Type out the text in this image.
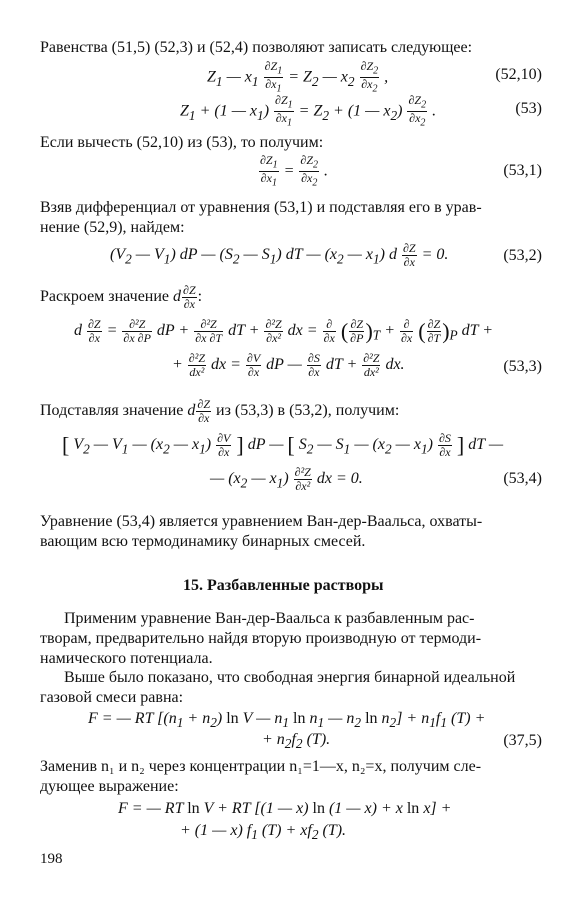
Равенства (51,5) (52,3) и (52,4) позволяют записать следующее:
$Z_1$ — $x_1 \frac{\partial Z_1}{\partial x_1} = Z_2$ — $x_2 \frac{\partial Z_2}{\partial x_2}$ ,	(52,10)
$Z_1 + (1$ — $x_1) \frac{\partial Z_1}{\partial x_1} = Z_2 + (1$ — $x_2) \frac{\partial Z_2}{\partial x_2}$ .	(53)
Если вычесть (52,10) из (53), то получим:
$\frac{\partial Z_1}{\partial x_1} = \frac{\partial Z_2}{\partial x_2}$ .	(53,1)
Взяв дифференциал от уравнения (53,1) и подставляя его в урав-
нение (52,9), найдем:
($V_2$ — $V_1$) dP — ($S_2$ — $S_1$) dT — ($x_2$ — $x_1$) d $\frac{\partial Z}{\partial x} = 0$.	(53,2)
Раскроем значение d $\frac{\partial Z}{\partial x}$ :
d $\frac{\partial Z}{\partial x} = \frac{\text{∂²Z}}{\partial x \partial P}$ dP + $\frac{\text{∂²Z}}{\partial x \partial T}$ dT + $\frac{\text{∂²Z}}{\text{∂x²}}$ dx = $\frac{\partial}{\partial x}$ ( $\frac{\partial Z}{\partial P} )_T + \frac{\partial}{\partial x}$ ( $\frac{\partial Z}{\partial T} )_P$ dT +
+ $\frac{\text{∂²Z}}{\text{dx²}}$ dx = $\frac{\partial V}{\partial x}$ dP — $\frac{\partial S}{\partial x}$ dT + $\frac{\text{∂²Z}}{\text{dx²}}$ dx.	(53,3)
Подставляя значение d $\frac{\partial Z}{\partial x}$ из (53,3) в (53,2), получим:
[ $V_2$ — $V_1$ — ($x_2$ — $x_1) \frac{\partial V}{\partial x}$ ] dP — [ $S_2$ — $S_1$ — ($x_2$ — $x_1) \frac{\partial S}{\partial x}$ ] dT —
— ($x_2$ — $x_1) \frac{\text{∂²Z}}{\text{∂x²}}$ dx = 0.	(53,4)
Уравнение (53,4) является уравнением Ван-дер-Ваальса, охваты-
вающим всю термодинамику бинарных смесей.
15. Разбавленные растворы
Применим уравнение Ван-дер-Ваальса к разбавленным рас-
творам, предварительно найдя вторую производную от термоди-
намического потенциала.
Выше было показано, что свободная энергия бинарной идеальной
газовой смеси равна:
F = — RT [$(n_1 + n_2)$ ln V — $n_1$ $\ln n_1$ — $n_2$ $\ln n_2] + n_1f_1$ (T) +
+ $n_2f_2$ (T).	(37,5)
Заменив n₁ и n₂ через концентрации n₁=1—x, n₂=x, получим сле-
дующее выражение:
F = — RT ln V + RT [(1 — x) ln (1 — x) + x ln x] +
+ (1 — x) $f_1$ $(T) + xf_2$ (T).
198
